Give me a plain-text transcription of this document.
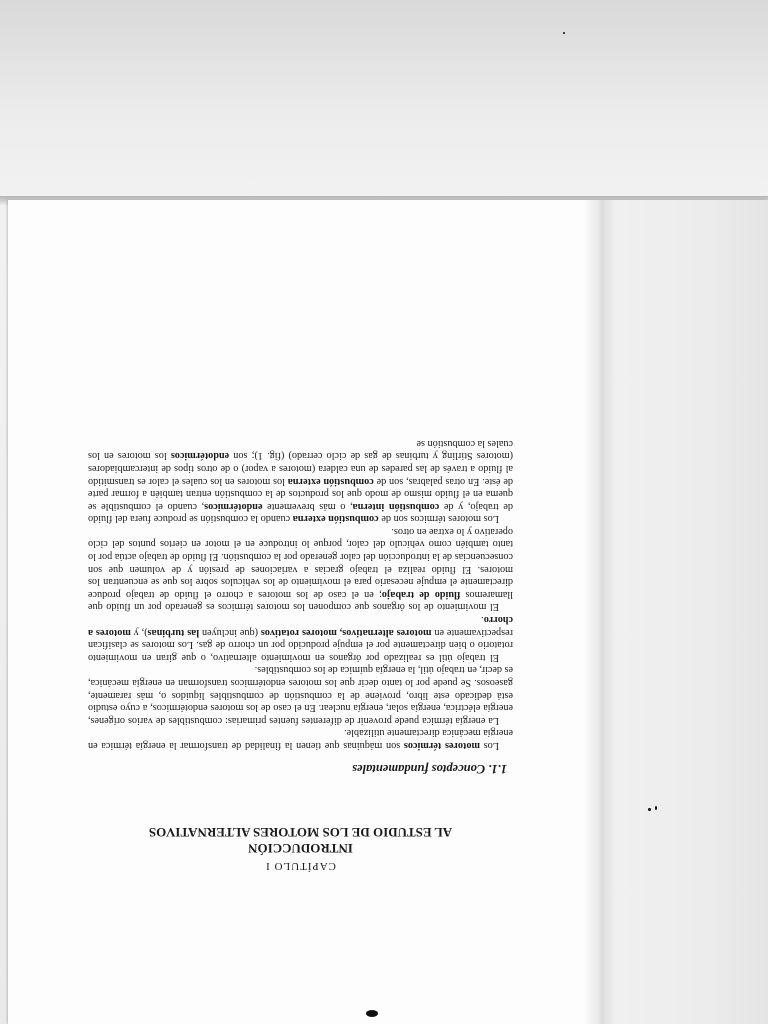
CAPÍTULO I
INTRODUCCIÓN
AL ESTUDIO DE LOS MOTORES ALTERNATIVOS
1.1. Conceptos fundamentales

Los motores térmicos son máquinas que tienen la finalidad de transformar la energía térmica en energía mecánica directamente utilizable.

La energía térmica puede provenir de diferentes fuentes primarias: combustibles de varios orígenes, energía eléctrica, energía solar, energía nuclear. En el caso de los motores endotérmicos, a cuyo estudio está dedicado este libro, proviene de la combustión de combustibles líquidos o, más raramente, gaseosos. Se puede por lo tanto decir que los motores endotérmicos transforman en energía mecánica, es decir, en trabajo útil, la energía química de los combustibles.

El trabajo útil es realizado por órganos en movimiento alternativo, o que giran en movimiento rotatorio o bien directamente por el empuje producido por un chorro de gas. Los motores se clasifican respectivamente en motores alternativos, motores rotativos (que incluyen las turbinas), y motores a chorro.

El movimiento de los órganos que componen los motores térmicos es generado por un fluido que llamaremos fluido de trabajo; en el caso de los motores a chorro el fluido de trabajo produce directamente el empuje necesario para el movimiento de los vehículos sobre los que se encuentran los motores. El fluido realiza el trabajo gracias a variaciones de presión y de volumen que son consecuencias de la introducción del calor generado por la combustión. El fluido de trabajo actúa por lo tanto también como vehículo del calor, porque lo introduce en el motor en ciertos puntos del ciclo operativo y lo extrae en otros.

Los motores térmicos son de combustión externa cuando la combustión se produce fuera del fluido de trabajo, y de combustión interna, o más brevemente endotérmicos, cuando el combustible se quema en el fluido mismo de modo que los productos de la combustión entran también a formar parte de éste. En otras palabras, son de combustión externa los motores en los cuales el calor es transmitido al fluido a través de las paredes de una caldera (motores a vapor) o de otros tipos de intercambiadores (motores Stirling y turbinas de gas de ciclo cerrado) (fig. 1); son endotérmicos los motores en los cuales la combustión se
